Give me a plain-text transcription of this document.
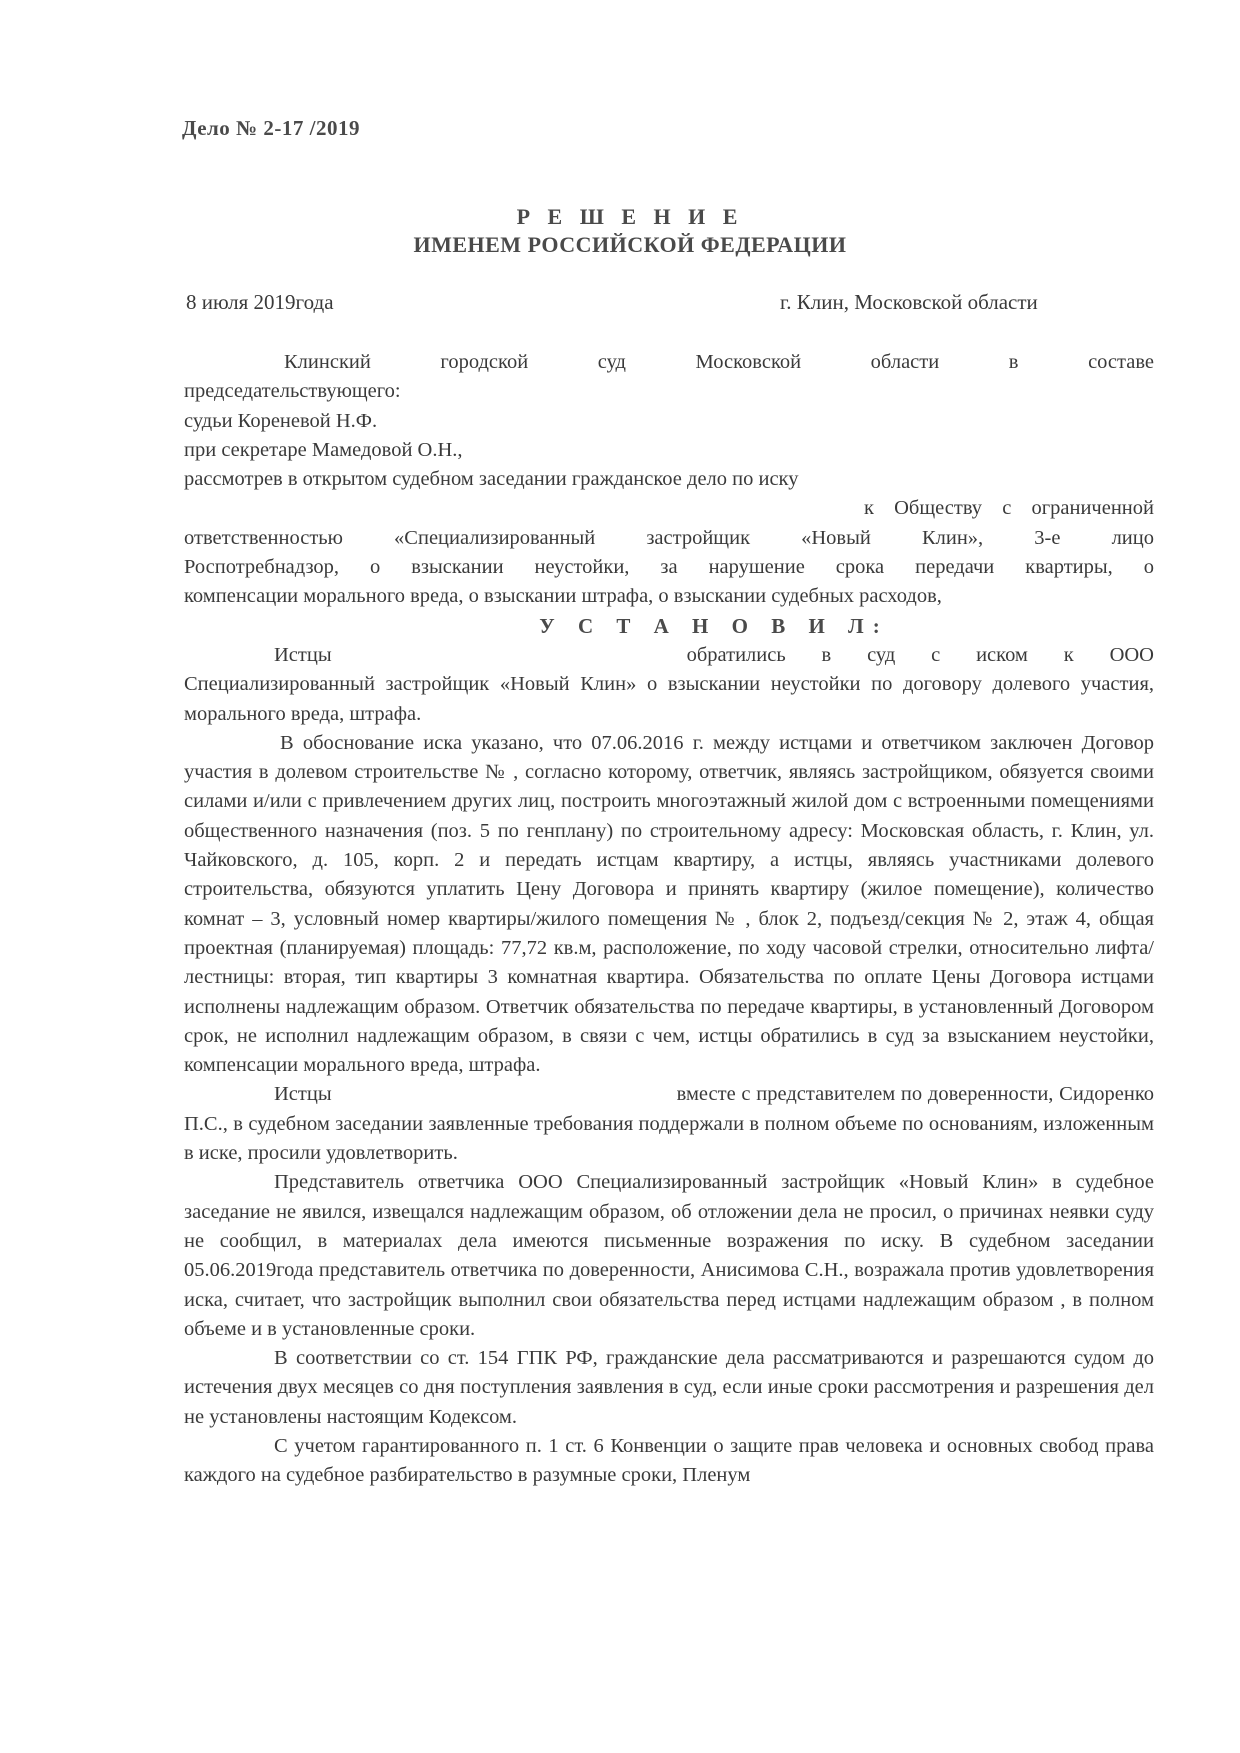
Дело № 2-17 /2019
Р Е Ш Е Н И Е
ИМЕНЕМ РОССИЙСКОЙ ФЕДЕРАЦИИ
8 июля 2019года	г. Клин, Московской области

Клинский городской суд Московской области в составе

председательствующего:

судьи Кореневой Н.Ф.

при секретаре Мамедовой О.Н.,

рассмотрев в открытом судебном заседании гражданское дело по иску

к Обществу с ограниченной

ответственностью «Специализированный застройщик «Новый Клин», 3-е лицо

Роспотребнадзор, о взыскании неустойки, за нарушение срока передачи квартиры, о

компенсации морального вреда, о взыскании штрафа, о взыскании судебных расходов,

У С Т А Н О В И Л:

Истцы	обратились в суд с иском к ООО Специализированный застройщик «Новый Клин» о взыскании неустойки по договору долевого участия, морального вреда, штрафа.

В обоснование иска указано, что 07.06.2016 г. между истцами и ответчиком заключен Договор участия в долевом строительстве № , согласно которому, ответчик, являясь застройщиком, обязуется своими силами и/или с привлечением других лиц, построить многоэтажный жилой дом с встроенными помещениями общественного назначения (поз. 5 по генплану) по строительному адресу: Московская область, г. Клин, ул. Чайковского, д. 105, корп. 2 и передать истцам квартиру, а истцы, являясь участниками долевого строительства, обязуются уплатить Цену Договора и принять квартиру (жилое помещение), количество комнат – 3, условный номер квартиры/жилого помещения № , блок 2, подъезд/секция № 2, этаж 4, общая проектная (планируемая) площадь: 77,72 кв.м, расположение, по ходу часовой стрелки, относительно лифта/лестницы: вторая, тип квартиры 3 комнатная квартира. Обязательства по оплате Цены Договора истцами исполнены надлежащим образом. Ответчик обязательства по передаче квартиры, в установленный Договором срок, не исполнил надлежащим образом, в связи с чем, истцы обратились в суд за взысканием неустойки, компенсации морального вреда, штрафа.

Истцы	вместе с представителем по доверенности, Сидоренко П.С., в судебном заседании заявленные требования поддержали в полном объеме по основаниям, изложенным в иске, просили удовлетворить.

Представитель ответчика ООО Специализированный застройщик «Новый Клин» в судебное заседание не явился, извещался надлежащим образом, об отложении дела не просил, о причинах неявки суду не сообщил, в материалах дела имеются письменные возражения по иску. В судебном заседании 05.06.2019года представитель ответчика по доверенности, Анисимова С.Н., возражала против удовлетворения иска, считает, что застройщик выполнил свои обязательства перед истцами надлежащим образом , в полном объеме и в установленные сроки.

В соответствии со ст. 154 ГПК РФ, гражданские дела рассматриваются и разрешаются судом до истечения двух месяцев со дня поступления заявления в суд, если иные сроки рассмотрения и разрешения дел не установлены настоящим Кодексом.

С учетом гарантированного п. 1 ст. 6 Конвенции о защите прав человека и основных свобод права каждого на судебное разбирательство в разумные сроки, Пленум
